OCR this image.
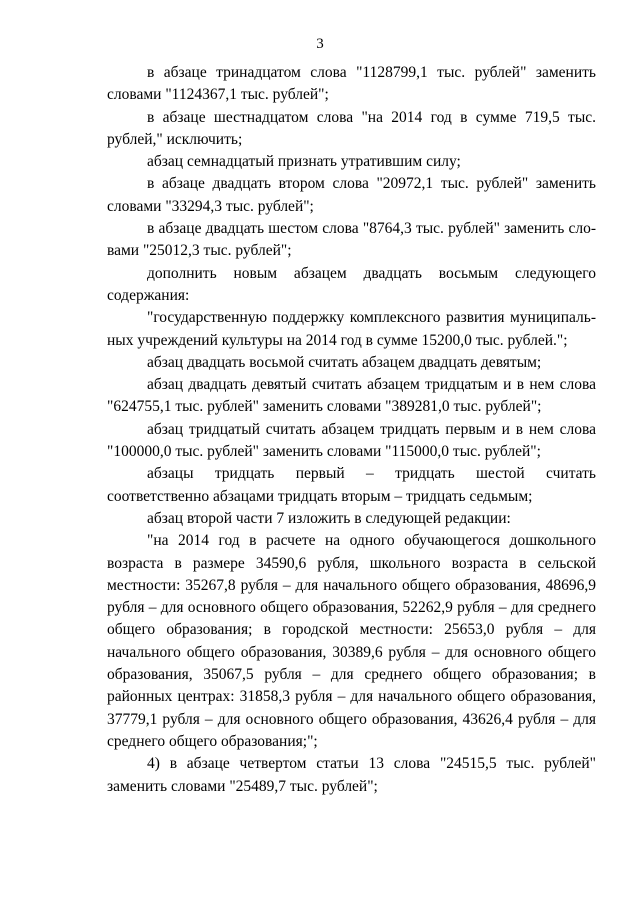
3

в абзаце тринадцатом слова "1128799,1 тыс. рублей" заменить словами "1124367,1 тыс. рублей";

в абзаце шестнадцатом слова "на 2014 год в сумме 719,5 тыс. рублей," исключить;

абзац семнадцатый признать утратившим силу;

в абзаце двадцать втором слова "20972,1 тыс. рублей" заменить словами "33294,3 тыс. рублей";

в абзаце двадцать шестом слова "8764,3 тыс. рублей" заменить словами "25012,3 тыс. рублей";

дополнить новым абзацем двадцать восьмым следующего содержания:

"государственную поддержку комплексного развития муниципальных учреждений культуры на 2014 год в сумме 15200,0 тыс. рублей.";

абзац двадцать восьмой считать абзацем двадцать девятым;

абзац двадцать девятый считать абзацем тридцатым и в нем слова "624755,1 тыс. рублей" заменить словами "389281,0 тыс. рублей";

абзац тридцатый считать абзацем тридцать первым и в нем слова "100000,0 тыс. рублей" заменить словами "115000,0 тыс. рублей";

абзацы тридцать первый – тридцать шестой считать соответственно абзацами тридцать вторым – тридцать седьмым;

абзац второй части 7 изложить в следующей редакции:

"на 2014 год в расчете на одного обучающегося дошкольного возраста в размере 34590,6 рубля, школьного возраста в сельской местности: 35267,8 рубля – для начального общего образования, 48696,9 рубля – для основного общего образования, 52262,9 рубля – для среднего общего образования; в городской местности: 25653,0 рубля – для начального общего образования, 30389,6 рубля – для основного общего образования, 35067,5 рубля – для среднего общего образования; в районных центрах: 31858,3 рубля – для начального общего образования, 37779,1 рубля – для основного общего образования, 43626,4 рубля – для среднего общего образования;";

4) в абзаце четвертом статьи 13 слова "24515,5 тыс. рублей" заменить словами "25489,7 тыс. рублей";
